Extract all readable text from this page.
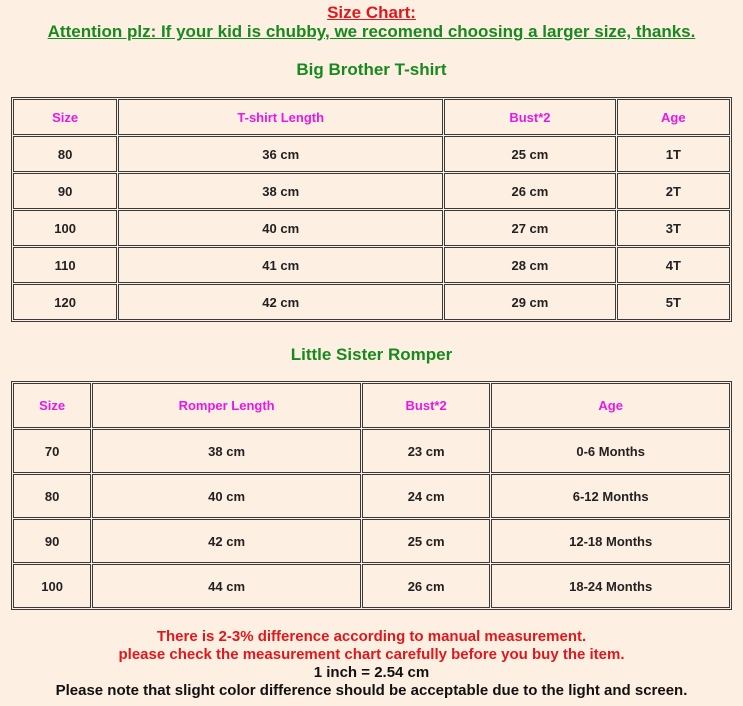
Size Chart:
Attention plz: If your kid is chubby, we recomend choosing a larger size, thanks.
Big Brother T-shirt
Size	T-shirt Length	Bust*2	Age
80	36 cm	25 cm	1T
90	38 cm	26 cm	2T
100	40 cm	27 cm	3T
110	41 cm	28 cm	4T
120	42 cm	29 cm	5T
Little Sister Romper
Size	Romper Length	Bust*2	Age
70	38 cm	23 cm	0-6 Months
80	40 cm	24 cm	6-12 Months
90	42 cm	25 cm	12-18 Months
100	44 cm	26 cm	18-24 Months
There is 2-3% difference according to manual measurement.
please check the measurement chart carefully before you buy the item.
1 inch = 2.54 cm
Please note that slight color difference should be acceptable due to the light and screen.
